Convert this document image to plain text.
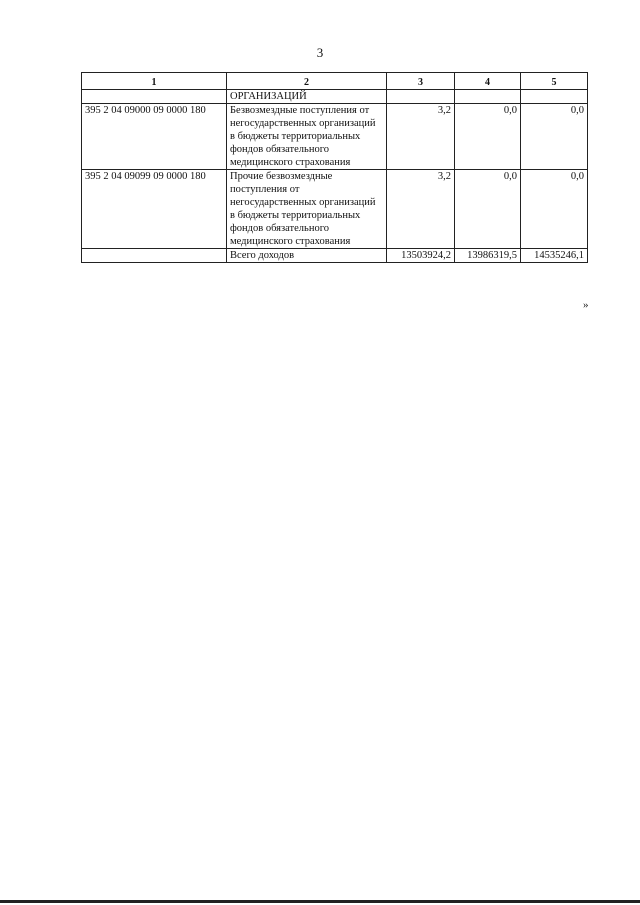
3
1	2	3	4	5
	ОРГАНИЗАЦИЙ			
395 2 04 09000 09 0000 180	Безвозмездные поступления от негосударственных организаций в бюджеты территориальных фондов обязательного медицинского страхования	3,2	0,0	0,0
395 2 04 09099 09 0000 180	Прочие безвозмездные поступления от негосударственных организаций в бюджеты территориальных фондов обязательного медицинского страхования	3,2	0,0	0,0
	Всего доходов	13503924,2	13986319,5	14535246,1
»
